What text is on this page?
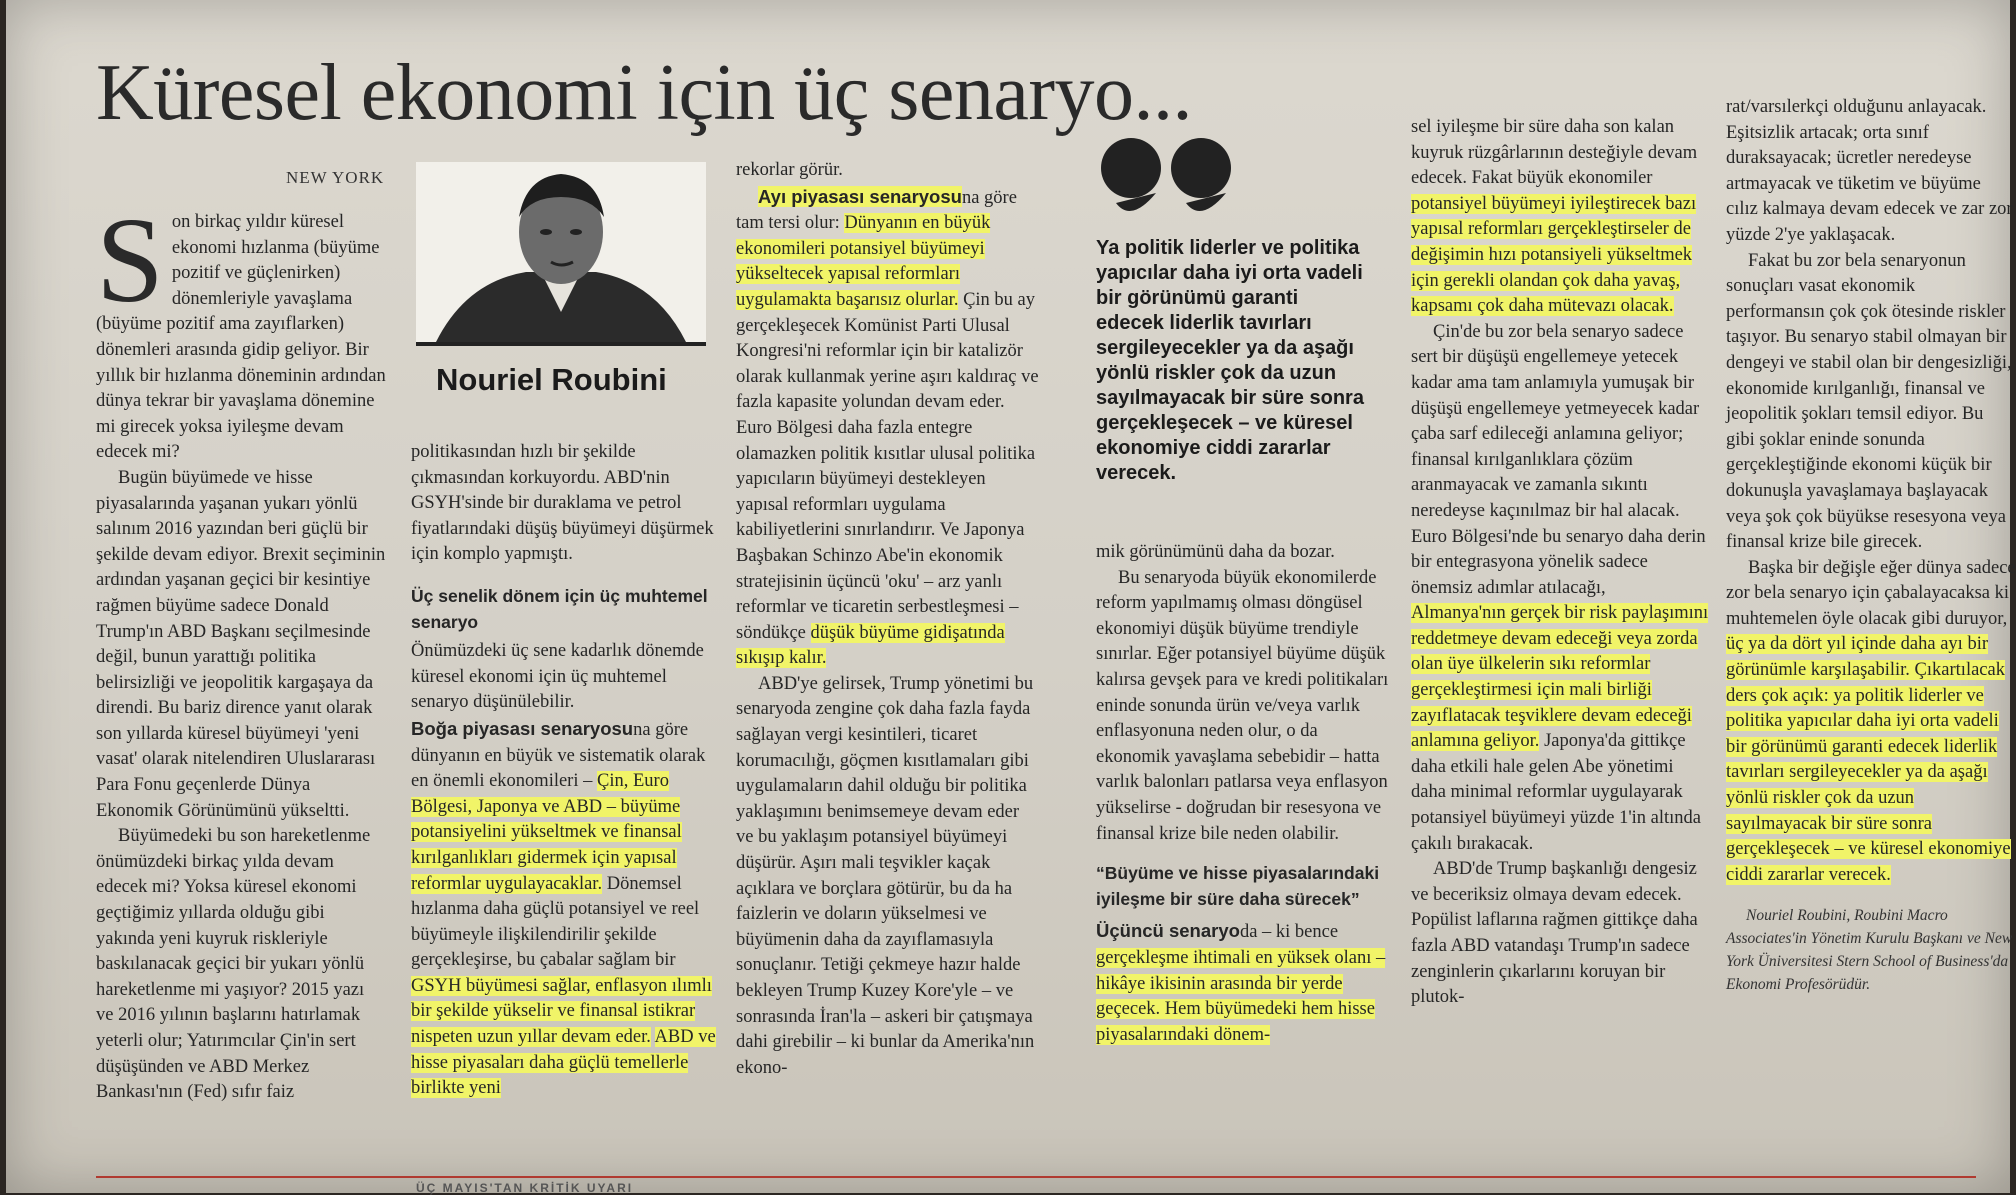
Küresel ekonomi için üç senaryo...
NEW YORK
S on birkaç yıldır küresel ekonomi hızlanma (büyüme pozitif ve güçlenirken) dönemleriyle yavaşlama (büyüme pozitif ama zayıflarken) dönemleri arasında gidip geliyor. Bir yıllık bir hızlanma döneminin ardından dünya tekrar bir yavaşlama dönemine mi girecek yoksa iyileşme devam edecek mi?

Bugün büyümede ve hisse piyasalarında yaşanan yukarı yönlü salınım 2016 yazından beri güçlü bir şekilde devam ediyor. Brexit seçiminin ardından yaşanan geçici bir kesintiye rağmen büyüme sadece Donald Trump'ın ABD Başkanı seçilmesinde değil, bunun yarattığı politika belirsizliği ve jeopolitik kargaşaya da direndi. Bu bariz dirence yanıt olarak son yıllarda küresel büyümeyi 'yeni vasat' olarak nitelendiren Uluslararası Para Fonu geçenlerde Dünya Ekonomik Görünümünü yükseltti.

Büyümedeki bu son hareketlenme önümüzdeki birkaç yılda devam edecek mi? Yoksa küresel ekonomi geçtiğimiz yıllarda olduğu gibi yakında yeni kuyruk riskleriyle baskılanacak geçici bir yukarı yönlü hareketlenme mi yaşıyor? 2015 yazı ve 2016 yılının başlarını hatırlamak yeterli olur; Yatırımcılar Çin'in sert düşüşünden ve ABD Merkez Bankası'nın (Fed) sıfır faiz

Nouriel Roubini

politikasından hızlı bir şekilde çıkmasından korkuyordu. ABD'nin GSYH'sinde bir duraklama ve petrol fiyatlarındaki düşüş büyümeyi düşürmek için komplo yapmıştı.

Üç senelik dönem için üç muhtemel senaryo

Önümüzdeki üç sene kadarlık dönemde küresel ekonomi için üç muhtemel senaryo düşünülebilir.

Boğa piyasası senaryosuna göre dünyanın en büyük ve sistematik olarak en önemli ekonomileri – Çin, Euro Bölgesi, Japonya ve ABD – büyüme potansiyelini yükseltmek ve finansal kırılganlıkları gidermek için yapısal reformlar uygulayacaklar. Dönemsel hızlanma daha güçlü potansiyel ve reel büyümeyle ilişkilendirilir şekilde gerçekleşirse, bu çabalar sağlam bir GSYH büyümesi sağlar, enflasyon ılımlı bir şekilde yükselir ve finansal istikrar nispeten uzun yıllar devam eder. ABD ve hisse piyasaları daha güçlü temellerle birlikte yeni

rekorlar görür.

Ayı piyasası senaryosuna göre tam tersi olur: Dünyanın en büyük ekonomileri potansiyel büyümeyi yükseltecek yapısal reformları uygulamakta başarısız olurlar. Çin bu ay gerçekleşecek Komünist Parti Ulusal Kongresi'ni reformlar için bir katalizör olarak kullanmak yerine aşırı kaldıraç ve fazla kapasite yolundan devam eder. Euro Bölgesi daha fazla entegre olamazken politik kısıtlar ulusal politika yapıcıların büyümeyi destekleyen yapısal reformları uygulama kabiliyetlerini sınırlandırır. Ve Japonya Başbakan Schinzo Abe'in ekonomik stratejisinin üçüncü 'oku' – arz yanlı reformlar ve ticaretin serbestleşmesi – söndükçe düşük büyüme gidişatında sıkışıp kalır.

ABD'ye gelirsek, Trump yönetimi bu senaryoda zengine çok daha fazla fayda sağlayan vergi kesintileri, ticaret korumacılığı, göçmen kısıtlamaları gibi uygulamaların dahil olduğu bir politika yaklaşımını benimsemeye devam eder ve bu yaklaşım potansiyel büyümeyi düşürür. Aşırı mali teşvikler kaçak açıklara ve borçlara götürür, bu da ha faizlerin ve doların yükselmesi ve büyümenin daha da zayıflamasıyla sonuçlanır. Tetiği çekmeye hazır halde bekleyen Trump Kuzey Kore'yle – ve sonrasında İran'la – askeri bir çatışmaya dahi girebilir – ki bunlar da Amerika'nın ekono-

Ya politik liderler ve politika yapıcılar daha iyi orta vadeli bir görünümü garanti edecek liderlik tavırları sergileyecekler ya da aşağı yönlü riskler çok da uzun sayılmayacak bir süre sonra gerçekleşecek – ve küresel ekonomiye ciddi zararlar verecek.

mik görünümünü daha da bozar.

Bu senaryoda büyük ekonomilerde reform yapılmamış olması döngüsel ekonomiyi düşük büyüme trendiyle sınırlar. Eğer potansiyel büyüme düşük kalırsa gevşek para ve kredi politikaları eninde sonunda ürün ve/veya varlık enflasyonuna neden olur, o da ekonomik yavaşlama sebebidir – hatta varlık balonları patlarsa veya enflasyon yükselirse - doğrudan bir resesyona ve finansal krize bile neden olabilir.

“Büyüme ve hisse piyasalarındaki iyileşme bir süre daha sürecek”

Üçüncü senaryoda – ki bence gerçekleşme ihtimali en yüksek olanı – hikâye ikisinin arasında bir yerde geçecek. Hem büyümedeki hem hisse piyasalarındaki dönem-

sel iyileşme bir süre daha son kalan kuyruk rüzgârlarının desteğiyle devam edecek. Fakat büyük ekonomiler potansiyel büyümeyi iyileştirecek bazı yapısal reformları gerçekleştirseler de değişimin hızı potansiyeli yükseltmek için gerekli olandan çok daha yavaş, kapsamı çok daha mütevazı olacak.

Çin'de bu zor bela senaryo sadece sert bir düşüşü engellemeye yetecek kadar ama tam anlamıyla yumuşak bir düşüşü engellemeye yetmeyecek kadar çaba sarf edileceği anlamına geliyor; finansal kırılganlıklara çözüm aranmayacak ve zamanla sıkıntı neredeyse kaçınılmaz bir hal alacak. Euro Bölgesi'nde bu senaryo daha derin bir entegrasyona yönelik sadece önemsiz adımlar atılacağı,

Almanya'nın gerçek bir risk paylaşımını reddetmeye devam edeceği veya zorda olan üye ülkelerin sıkı reformlar gerçekleştirmesi için mali birliği zayıflatacak teşviklere devam edeceği anlamına geliyor. Japonya'da gittikçe daha etkili hale gelen Abe yönetimi daha minimal reformlar uygulayarak potansiyel büyümeyi yüzde 1'in altında çakılı bırakacak.

ABD'de Trump başkanlığı dengesiz ve beceriksiz olmaya devam edecek. Popülist laflarına rağmen gittikçe daha fazla ABD vatandaşı Trump'ın sadece zenginlerin çıkarlarını koruyan bir plutok-

rat/varsılerkçi olduğunu anlayacak. Eşitsizlik artacak; orta sınıf duraksayacak; ücretler neredeyse artmayacak ve tüketim ve büyüme cılız kalmaya devam edecek ve zar zor yüzde 2'ye yaklaşacak.

Fakat bu zor bela senaryonun sonuçları vasat ekonomik performansın çok çok ötesinde riskler taşıyor. Bu senaryo stabil olmayan bir dengeyi ve stabil olan bir dengesizliği, ekonomide kırılganlığı, finansal ve jeopolitik şokları temsil ediyor. Bu gibi şoklar eninde sonunda gerçekleştiğinde ekonomi küçük bir dokunuşla yavaşlamaya başlayacak veya şok çok büyükse resesyona veya finansal krize bile girecek.

Başka bir değişle eğer dünya sadece zor bela senaryo için çabalayacaksa ki muhtemelen öyle olacak gibi duruyor, üç ya da dört yıl içinde daha ayı bir görünümle karşılaşabilir. Çıkartılacak ders çok açık: ya politik liderler ve politika yapıcılar daha iyi orta vadeli bir görünümü garanti edecek liderlik tavırları sergileyecekler ya da aşağı yönlü riskler çok da uzun sayılmayacak bir süre sonra gerçekleşecek – ve küresel ekonomiye ciddi zararlar verecek.

Nouriel Roubini, Roubini Macro Associates'in Yönetim Kurulu Başkanı ve New York Üniversitesi Stern School of Business'da Ekonomi Profesörüdür.

ÜÇ MAYIS'TAN KRİTİK UYARI
